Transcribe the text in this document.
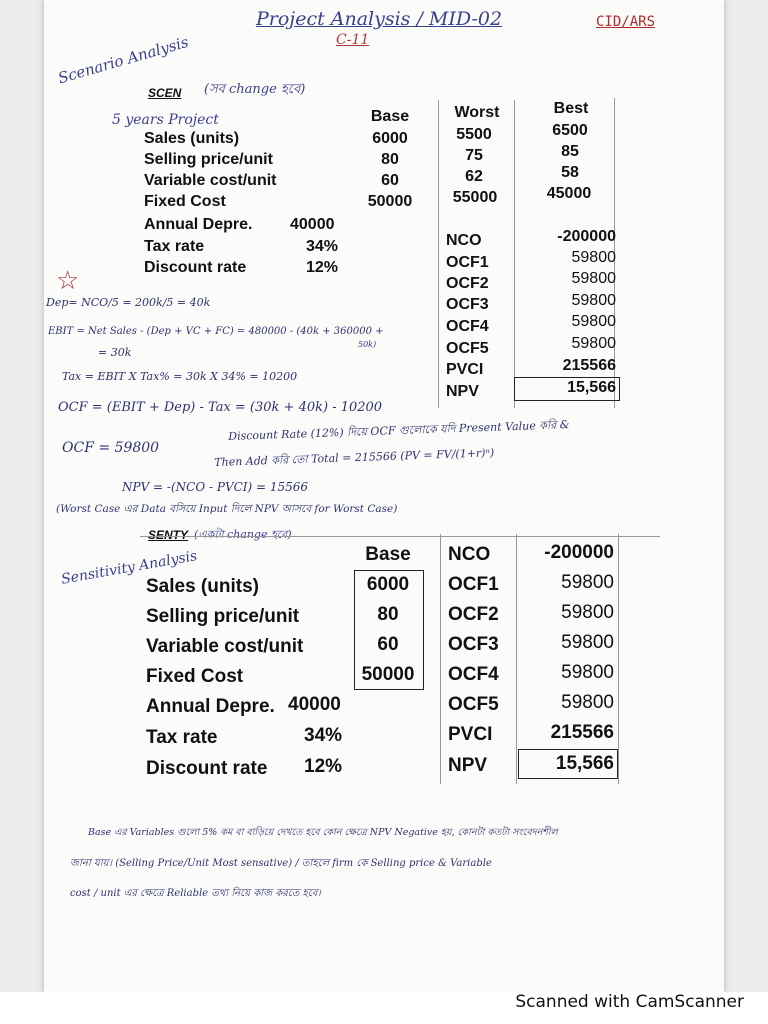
Project Analysis / MID-02
C-11
CID/ARS
Scenario Analysis
SCEN (সব change হবে)
5 years Project	Base	Worst	Best
Sales (units)	6000	5500	6500
Selling price/unit	80	75	85
Variable cost/unit	60	62	58
Fixed Cost	50000	55000	45000
Annual Depre. 40000
Tax rate	34%
Discount rate	12%
NCO	-200000
OCF1	59800
OCF2	59800
OCF3	59800
OCF4	59800
OCF5	59800
PVCI	215566
NPV	15,566
☆
Dep= NCO/5 = 200k/5 = 40k
EBIT = Net Sales - (Dep + VC + FC) = 480000 - (40k + 360000 +
50k)
= 30k
Tax = EBIT X Tax% = 30k X 34% = 10200
OCF = (EBIT + Dep) - Tax = (30k + 40k) - 10200
OCF = 59800
Discount Rate (12%) দিয়ে OCF গুলোকে যদি Present Value করি &
Then Add করি তো Total = 215566 (PV = FV/(1+r)ⁿ)
NPV = -(NCO - PVCI) = 15566
(Worst Case এর Data বসিয়ে Input দিলে NPV আসবে for Worst Case)
SENTY (একটা change হবে)
Sensitivity Analysis	Base
Sales (units)	6000
Selling price/unit	80
Variable cost/unit	60
Fixed Cost	50000
Annual Depre. 40000
Tax rate	34%
Discount rate 12%
NCO	-200000
OCF1	59800
OCF2	59800
OCF3	59800
OCF4	59800
OCF5	59800
PVCI	215566
NPV	15,566
Base এর Variables গুলো 5% কম বা বাড়িয়ে দেখতে হবে কোন ক্ষেত্রে NPV Negative হয়, কোনটা কতটা সংবেদনশীল
জানা যায়। (Selling Price/Unit Most sensative) / তাহলে firm কে Selling price & Variable
cost / unit এর ক্ষেত্রে Reliable তথ্য নিয়ে কাজ করতে হবে।
Scanned with CamScanner
